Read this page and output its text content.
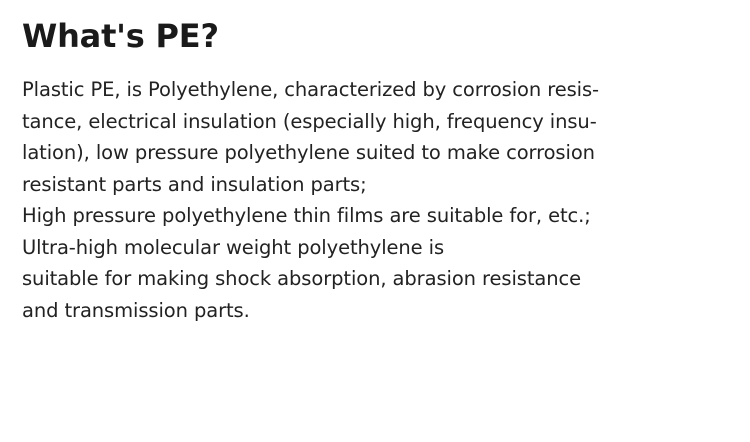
What's PE?
Plastic PE, is Polyethylene, characterized by corrosion resis-
tance, electrical insulation (especially high, frequency insu-
lation), low pressure polyethylene suited to make corrosion
resistant parts and insulation parts;
High pressure polyethylene thin films are suitable for, etc.;
Ultra-high molecular weight polyethylene is
suitable for making shock absorption, abrasion resistance
and transmission parts.
